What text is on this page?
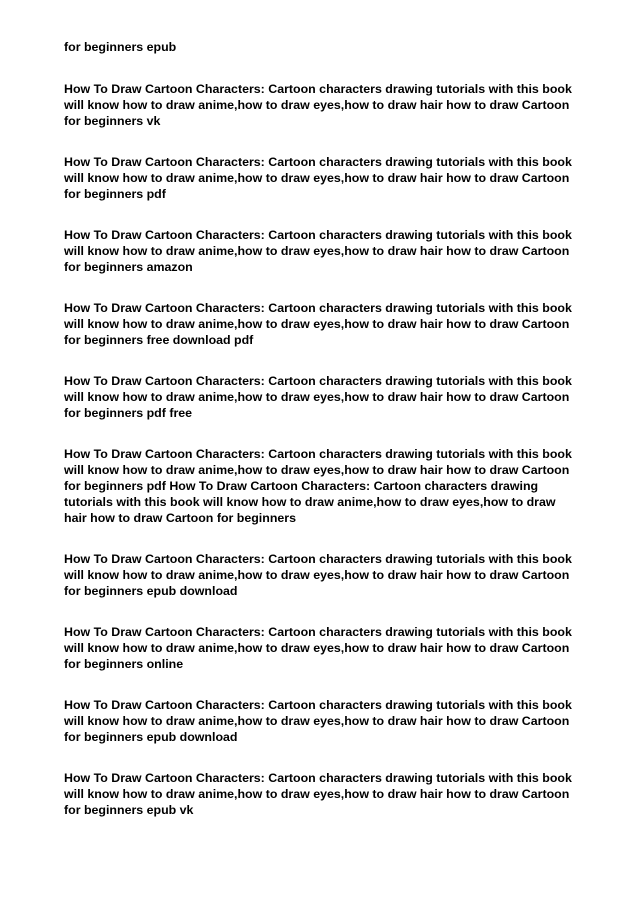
for beginners epub

How To Draw Cartoon Characters: Cartoon characters drawing tutorials with this book
will know how to draw anime,how to draw eyes,how to draw hair how to draw Cartoon
for beginners vk

How To Draw Cartoon Characters: Cartoon characters drawing tutorials with this book
will know how to draw anime,how to draw eyes,how to draw hair how to draw Cartoon
for beginners pdf

How To Draw Cartoon Characters: Cartoon characters drawing tutorials with this book
will know how to draw anime,how to draw eyes,how to draw hair how to draw Cartoon
for beginners amazon

How To Draw Cartoon Characters: Cartoon characters drawing tutorials with this book
will know how to draw anime,how to draw eyes,how to draw hair how to draw Cartoon
for beginners free download pdf

How To Draw Cartoon Characters: Cartoon characters drawing tutorials with this book
will know how to draw anime,how to draw eyes,how to draw hair how to draw Cartoon
for beginners pdf free

How To Draw Cartoon Characters: Cartoon characters drawing tutorials with this book
will know how to draw anime,how to draw eyes,how to draw hair how to draw Cartoon
for beginners pdf How To Draw Cartoon Characters: Cartoon characters drawing
tutorials with this book will know how to draw anime,how to draw eyes,how to draw
hair how to draw Cartoon for beginners

How To Draw Cartoon Characters: Cartoon characters drawing tutorials with this book
will know how to draw anime,how to draw eyes,how to draw hair how to draw Cartoon
for beginners epub download

How To Draw Cartoon Characters: Cartoon characters drawing tutorials with this book
will know how to draw anime,how to draw eyes,how to draw hair how to draw Cartoon
for beginners online

How To Draw Cartoon Characters: Cartoon characters drawing tutorials with this book
will know how to draw anime,how to draw eyes,how to draw hair how to draw Cartoon
for beginners epub download

How To Draw Cartoon Characters: Cartoon characters drawing tutorials with this book
will know how to draw anime,how to draw eyes,how to draw hair how to draw Cartoon
for beginners epub vk
